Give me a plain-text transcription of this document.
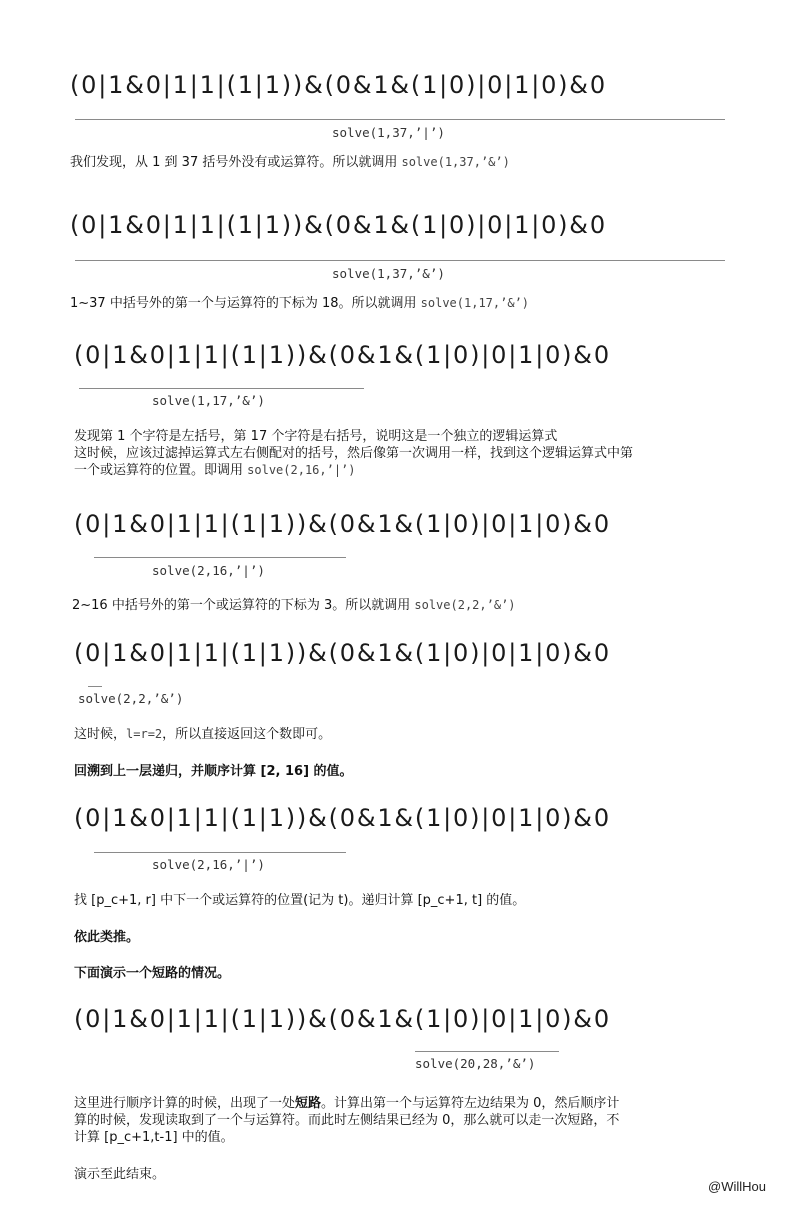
(0|1&0|1|1|(1|1))&(0&1&(1|0)|0|1|0)&0
solve(1,37,’|’)
我们发现，从 1 到 37 括号外没有或运算符。所以就调用 solve(1,37,’&’)
(0|1&0|1|1|(1|1))&(0&1&(1|0)|0|1|0)&0
solve(1,37,’&’)
1~37 中括号外的第一个与运算符的下标为 18。所以就调用 solve(1,17,’&’)
(0|1&0|1|1|(1|1))&(0&1&(1|0)|0|1|0)&0
solve(1,17,’&’)
发现第 1 个字符是左括号，第 17 个字符是右括号，说明这是一个独立的逻辑运算式
这时候，应该过滤掉运算式左右侧配对的括号，然后像第一次调用一样，找到这个逻辑运算式中第
一个或运算符的位置。即调用 solve(2,16,’|’)
(0|1&0|1|1|(1|1))&(0&1&(1|0)|0|1|0)&0
solve(2,16,’|’)
2~16 中括号外的第一个或运算符的下标为 3。所以就调用 solve(2,2,’&’)
(0|1&0|1|1|(1|1))&(0&1&(1|0)|0|1|0)&0
solve(2,2,’&’)
这时候，l=r=2，所以直接返回这个数即可。
回溯到上一层递归，并顺序计算 [2, 16] 的值。
(0|1&0|1|1|(1|1))&(0&1&(1|0)|0|1|0)&0
solve(2,16,’|’)
找 [p_c+1, r] 中下一个或运算符的位置(记为 t)。递归计算 [p_c+1, t] 的值。
依此类推。
下面演示一个短路的情况。
(0|1&0|1|1|(1|1))&(0&1&(1|0)|0|1|0)&0
solve(20,28,’&’)
这里进行顺序计算的时候，出现了一处短路。计算出第一个与运算符左边结果为 0，然后顺序计
算的时候，发现读取到了一个与运算符。而此时左侧结果已经为 0，那么就可以走一次短路，不
计算 [p_c+1,t-1] 中的值。
演示至此结束。
@WillHou
